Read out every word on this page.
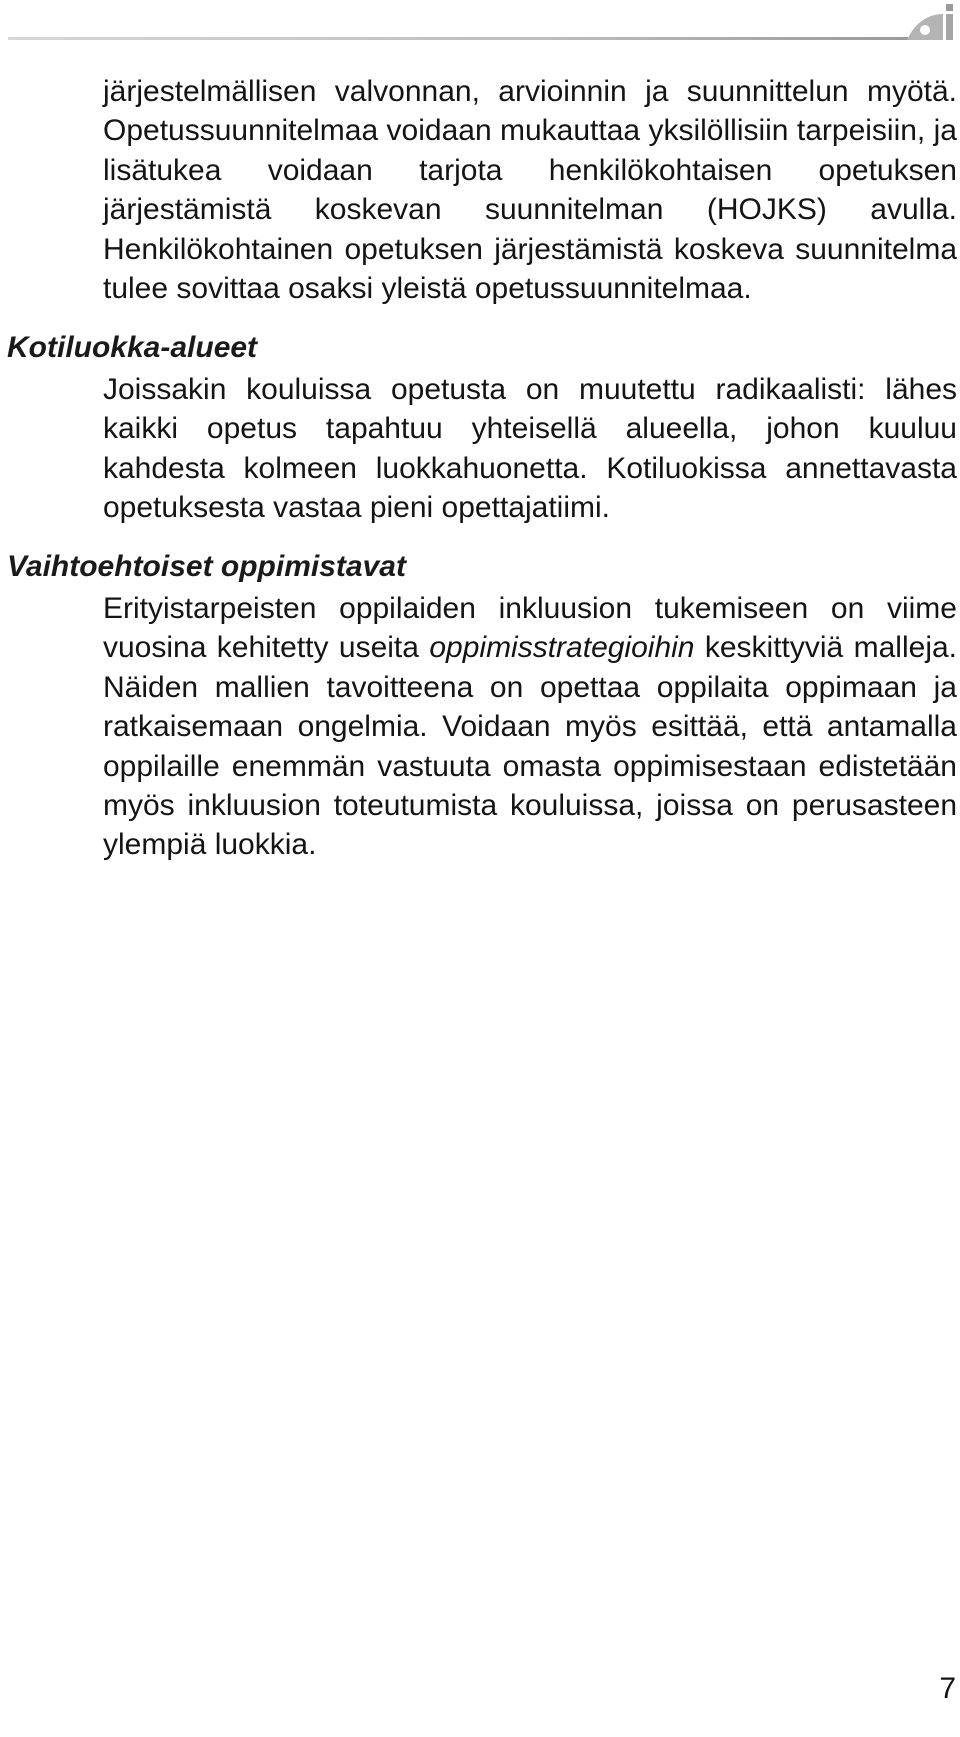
järjestelmällisen valvonnan, arvioinnin ja suunnittelun myötä. Opetussuunnitelmaa voidaan mukauttaa yksilöllisiin tarpeisiin, ja lisätukea voidaan tarjota henkilökohtaisen opetuksen järjestämistä koskevan suunnitelman (HOJKS) avulla. Henkilökohtainen opetuksen järjestämistä koskeva suunnitelma tulee sovittaa osaksi yleistä opetussuunnitelmaa.

Kotiluokka-alueet

Joissakin kouluissa opetusta on muutettu radikaalisti: lähes kaikki opetus tapahtuu yhteisellä alueella, johon kuuluu kahdesta kolmeen luokkahuonetta. Kotiluokissa annettavasta opetuksesta vastaa pieni opettajatiimi.

Vaihtoehtoiset oppimistavat

Erityistarpeisten oppilaiden inkluusion tukemiseen on viime vuosina kehitetty useita oppimisstrategioihin keskittyviä malleja. Näiden mallien tavoitteena on opettaa oppilaita oppimaan ja ratkaisemaan ongelmia. Voidaan myös esittää, että antamalla oppilaille enemmän vastuuta omasta oppimisestaan edistetään myös inkluusion toteutumista kouluissa, joissa on perusasteen ylempiä luokkia.

7
